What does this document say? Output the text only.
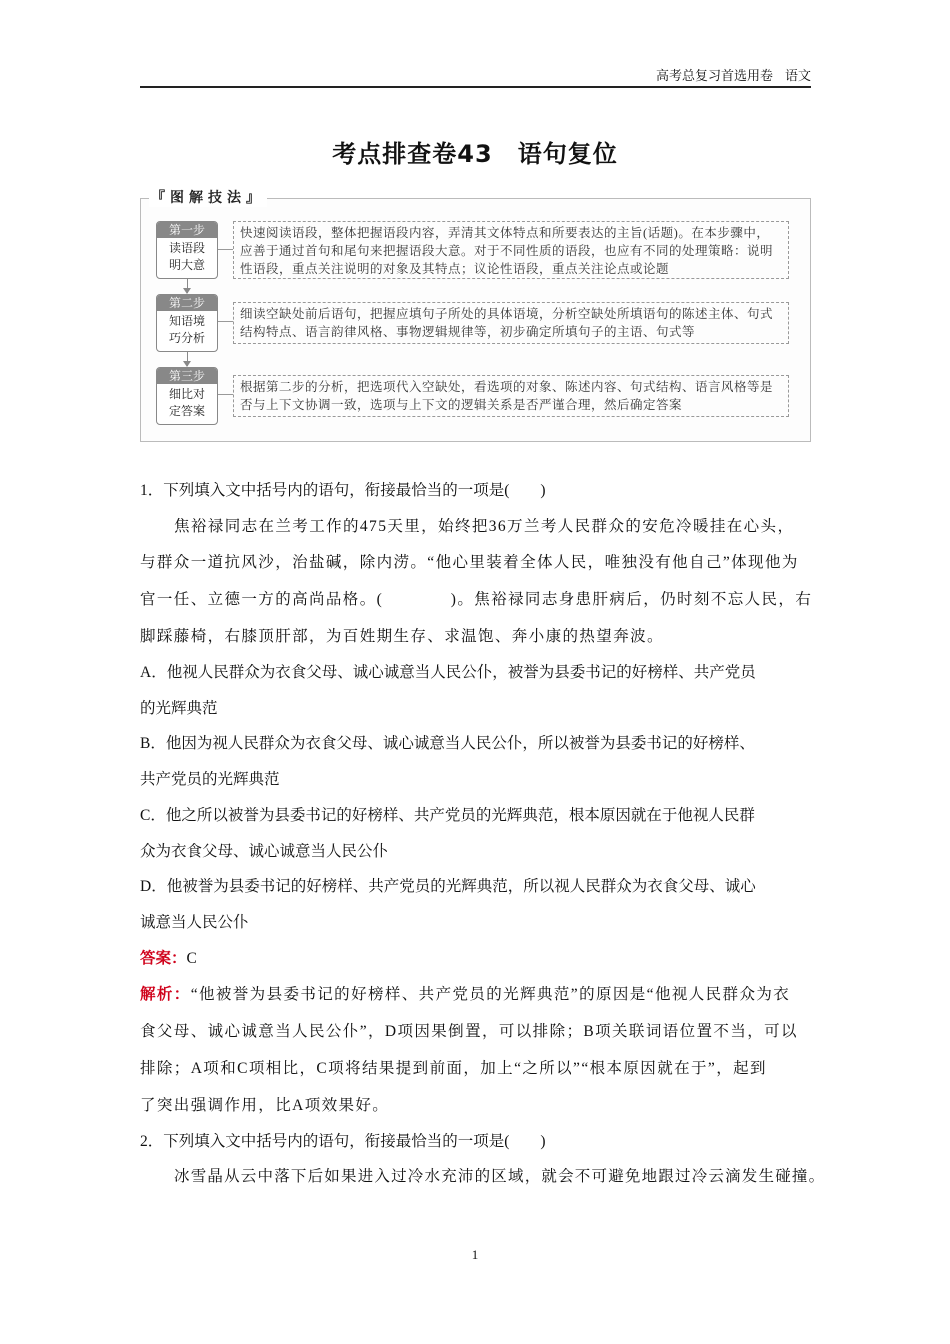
高考总复习首选用卷 语文
考点排查卷43　语句复位
『图解技法』
第一步
读语段
明大意
快速阅读语段，整体把握语段内容，弄清其文体特点和所要表达的主旨(话题)。在本步骤中，应善于通过首句和尾句来把握语段大意。对于不同性质的语段，也应有不同的处理策略：说明性语段，重点关注说明的对象及其特点；议论性语段，重点关注论点或论题
第二步
知语境
巧分析
细读空缺处前后语句，把握应填句子所处的具体语境，分析空缺处所填语句的陈述主体、句式结构特点、语言韵律风格、事物逻辑规律等，初步确定所填句子的主语、句式等
第三步
细比对
定答案
根据第二步的分析，把选项代入空缺处，看选项的对象、陈述内容、句式结构、语言风格等是否与上下文协调一致，选项与上下文的逻辑关系是否严谨合理，然后确定答案
1．下列填入文中括号内的语句，衔接最恰当的一项是(　　)
焦裕禄同志在兰考工作的475天里，始终把36万兰考人民群众的安危冷暖挂在心头，
与群众一道抗风沙，治盐碱，除内涝。“他心里装着全体人民，唯独没有他自己”体现他为
官一任、立德一方的高尚品格。(　　　　)。焦裕禄同志身患肝病后，仍时刻不忘人民，右
脚踩藤椅，右膝顶肝部，为百姓期生存、求温饱、奔小康的热望奔波。
A．他视人民群众为衣食父母、诚心诚意当人民公仆，被誉为县委书记的好榜样、共产党员
的光辉典范
B．他因为视人民群众为衣食父母、诚心诚意当人民公仆，所以被誉为县委书记的好榜样、
共产党员的光辉典范
C．他之所以被誉为县委书记的好榜样、共产党员的光辉典范，根本原因就在于他视人民群
众为衣食父母、诚心诚意当人民公仆
D．他被誉为县委书记的好榜样、共产党员的光辉典范，所以视人民群众为衣食父母、诚心
诚意当人民公仆
答案：C
解析：“他被誉为县委书记的好榜样、共产党员的光辉典范”的原因是“他视人民群众为衣
食父母、诚心诚意当人民公仆”，D项因果倒置，可以排除；B项关联词语位置不当，可以
排除；A项和C项相比，C项将结果提到前面，加上“之所以”“根本原因就在于”，起到
了突出强调作用，比A项效果好。
2．下列填入文中括号内的语句，衔接最恰当的一项是(　　)
冰雪晶从云中落下后如果进入过冷水充沛的区域，就会不可避免地跟过冷云滴发生碰撞。
1
